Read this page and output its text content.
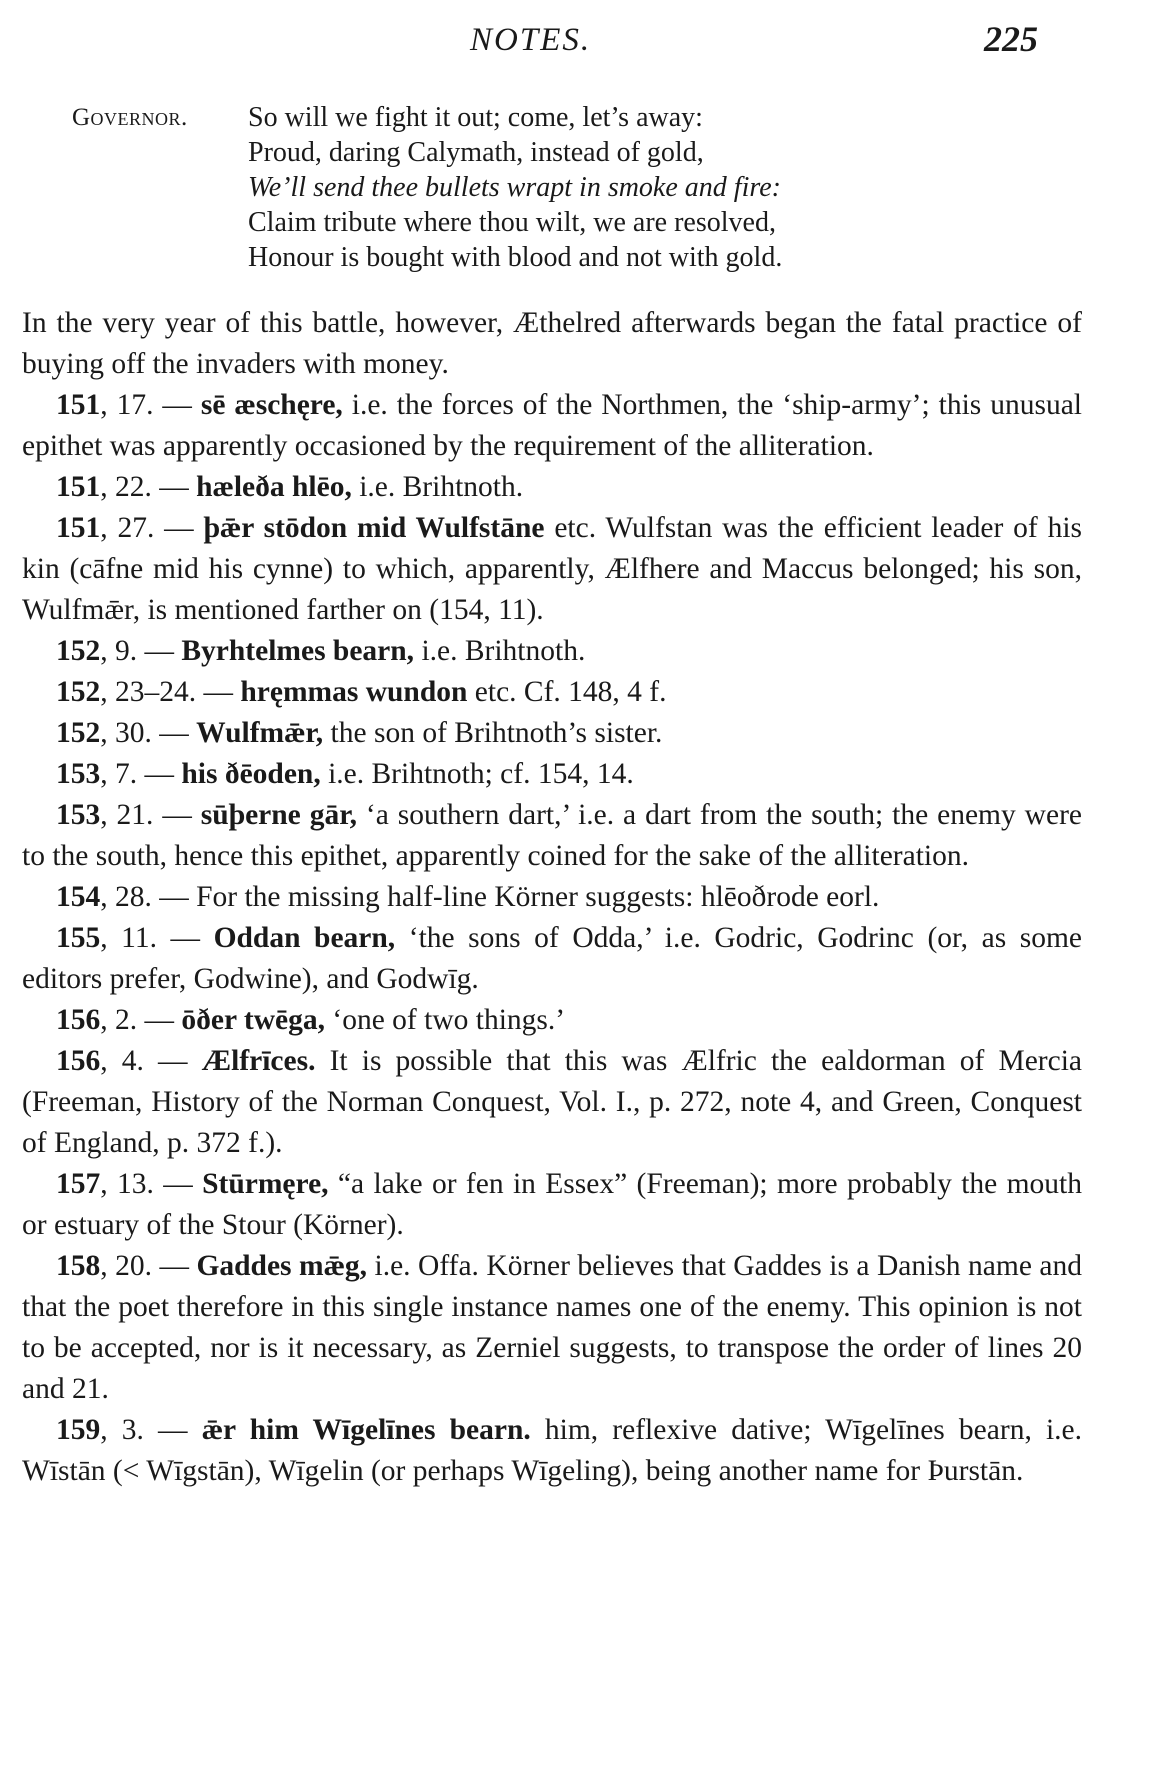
NOTES.	225
Governor. So will we fight it out; come, let’s away:
Proud, daring Calymath, instead of gold,
We’ll send thee bullets wrapt in smoke and fire:
Claim tribute where thou wilt, we are resolved,
Honour is bought with blood and not with gold.

In the very year of this battle, however, Æthelred afterwards began the fatal practice of buying off the invaders with money.

151, 17. — sē æschęre, i.e. the forces of the Northmen, the ‘ship-army’; this unusual epithet was apparently occasioned by the requirement of the alliteration.

151, 22. — hæleða hlēo, i.e. Brihtnoth.

151, 27. — þǣr stōdon mid Wulfstāne etc. Wulfstan was the efficient leader of his kin (cāfne mid his cynne) to which, apparently, Ælfhere and Maccus belonged; his son, Wulfmǣr, is mentioned farther on (154, 11).

152, 9. — Byrhtelmes bearn, i.e. Brihtnoth.

152, 23–24. — hręmmas wundon etc. Cf. 148, 4 f.

152, 30. — Wulfmǣr, the son of Brihtnoth’s sister.

153, 7. — his ðēoden, i.e. Brihtnoth; cf. 154, 14.

153, 21. — sūþerne gār, ‘a southern dart,’ i.e. a dart from the south; the enemy were to the south, hence this epithet, apparently coined for the sake of the alliteration.

154, 28. — For the missing half-line Körner suggests: hlēoðrode eorl.

155, 11. — Oddan bearn, ‘the sons of Odda,’ i.e. Godric, Godrinc (or, as some editors prefer, Godwine), and Godwīg.

156, 2. — ōðer twēga, ‘one of two things.’

156, 4. — Ælfrīces. It is possible that this was Ælfric the ealdorman of Mercia (Freeman, History of the Norman Conquest, Vol. I., p. 272, note 4, and Green, Conquest of England, p. 372 f.).

157, 13. — Stūrmęre, “a lake or fen in Essex” (Freeman); more probably the mouth or estuary of the Stour (Körner).

158, 20. — Gaddes mǣg, i.e. Offa. Körner believes that Gaddes is a Danish name and that the poet therefore in this single instance names one of the enemy. This opinion is not to be accepted, nor is it necessary, as Zerniel suggests, to transpose the order of lines 20 and 21.

159, 3. — ǣr him Wīgelīnes bearn. him, reflexive dative; Wīgelīnes bearn, i.e. Wīstān (< Wīgstān), Wīgelin (or perhaps Wīgeling), being another name for Þurstān.
